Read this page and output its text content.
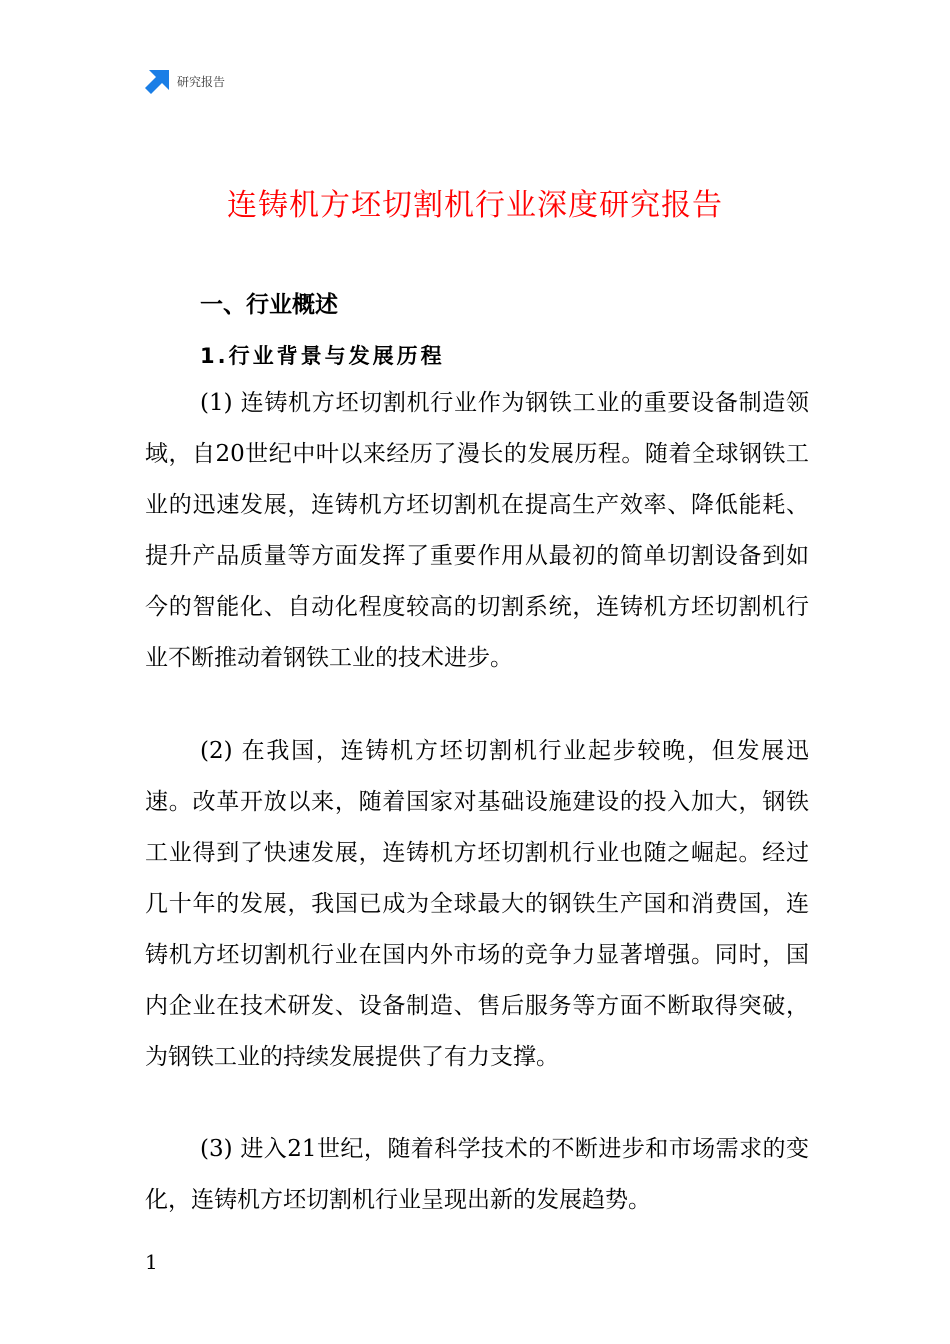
研究报告
连铸机方坯切割机行业深度研究报告
一、行业概述
1.行业背景与发展历程

(1) 连铸机方坯切割机行业作为钢铁工业的重要设备制造领域，自20世纪中叶以来经历了漫长的发展历程。随着全球钢铁工业的迅速发展，连铸机方坯切割机在提高生产效率、降低能耗、提升产品质量等方面发挥了重要作用从最初的简单切割设备到如今的智能化、自动化程度较高的切割系统，连铸机方坯切割机行业不断推动着钢铁工业的技术进步。

(2) 在我国，连铸机方坯切割机行业起步较晚，但发展迅速。改革开放以来，随着国家对基础设施建设的投入加大，钢铁工业得到了快速发展，连铸机方坯切割机行业也随之崛起。经过几十年的发展，我国已成为全球最大的钢铁生产国和消费国，连铸机方坯切割机行业在国内外市场的竞争力显著增强。同时，国内企业在技术研发、设备制造、售后服务等方面不断取得突破，为钢铁工业的持续发展提供了有力支撑。

(3) 进入21世纪，随着科学技术的不断进步和市场需求的变化，连铸机方坯切割机行业呈现出新的发展趋势。

1
